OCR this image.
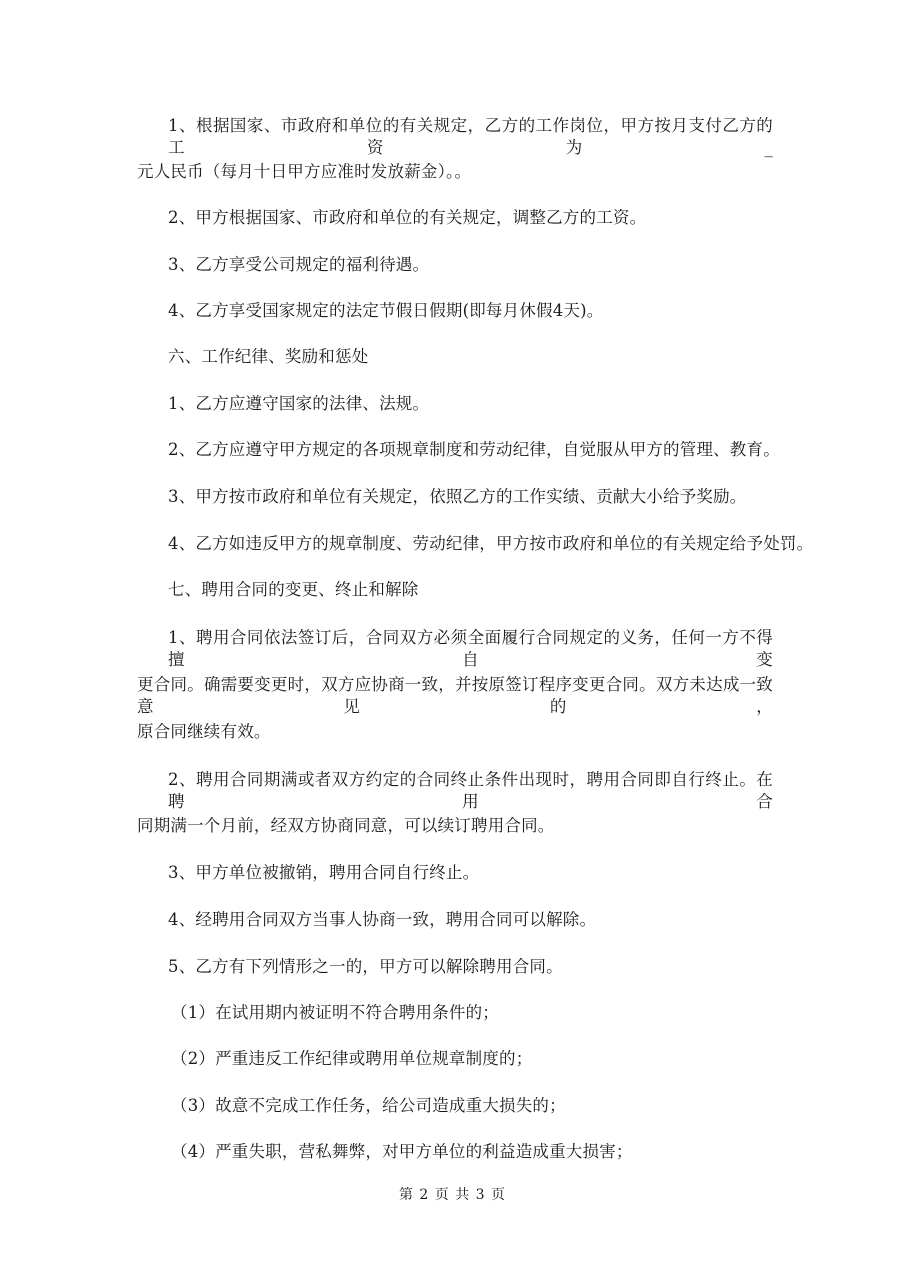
1、根据国家、市政府和单位的有关规定，乙方的工作岗位，甲方按月支付乙方的工资为_
元人民币（每月十日甲方应准时发放薪金）。。
2、甲方根据国家、市政府和单位的有关规定，调整乙方的工资。
3、乙方享受公司规定的福利待遇。
4、乙方享受国家规定的法定节假日假期(即每月休假4天)。
六、工作纪律、奖励和惩处
1、乙方应遵守国家的法律、法规。
2、乙方应遵守甲方规定的各项规章制度和劳动纪律，自觉服从甲方的管理、教育。
3、甲方按市政府和单位有关规定，依照乙方的工作实绩、贡献大小给予奖励。
4、乙方如违反甲方的规章制度、劳动纪律，甲方按市政府和单位的有关规定给予处罚。
七、聘用合同的变更、终止和解除
1、聘用合同依法签订后，合同双方必须全面履行合同规定的义务，任何一方不得擅自变
更合同。确需要变更时，双方应协商一致，并按原签订程序变更合同。双方未达成一致意见的，
原合同继续有效。
2、聘用合同期满或者双方约定的合同终止条件出现时，聘用合同即自行终止。在聘用合
同期满一个月前，经双方协商同意，可以续订聘用合同。
3、甲方单位被撤销，聘用合同自行终止。
4、经聘用合同双方当事人协商一致，聘用合同可以解除。
5、乙方有下列情形之一的，甲方可以解除聘用合同。
（1）在试用期内被证明不符合聘用条件的；
（2）严重违反工作纪律或聘用单位规章制度的；
（3）故意不完成工作任务，给公司造成重大损失的；
（4）严重失职，营私舞弊，对甲方单位的利益造成重大损害；
第 2 页 共 3 页
